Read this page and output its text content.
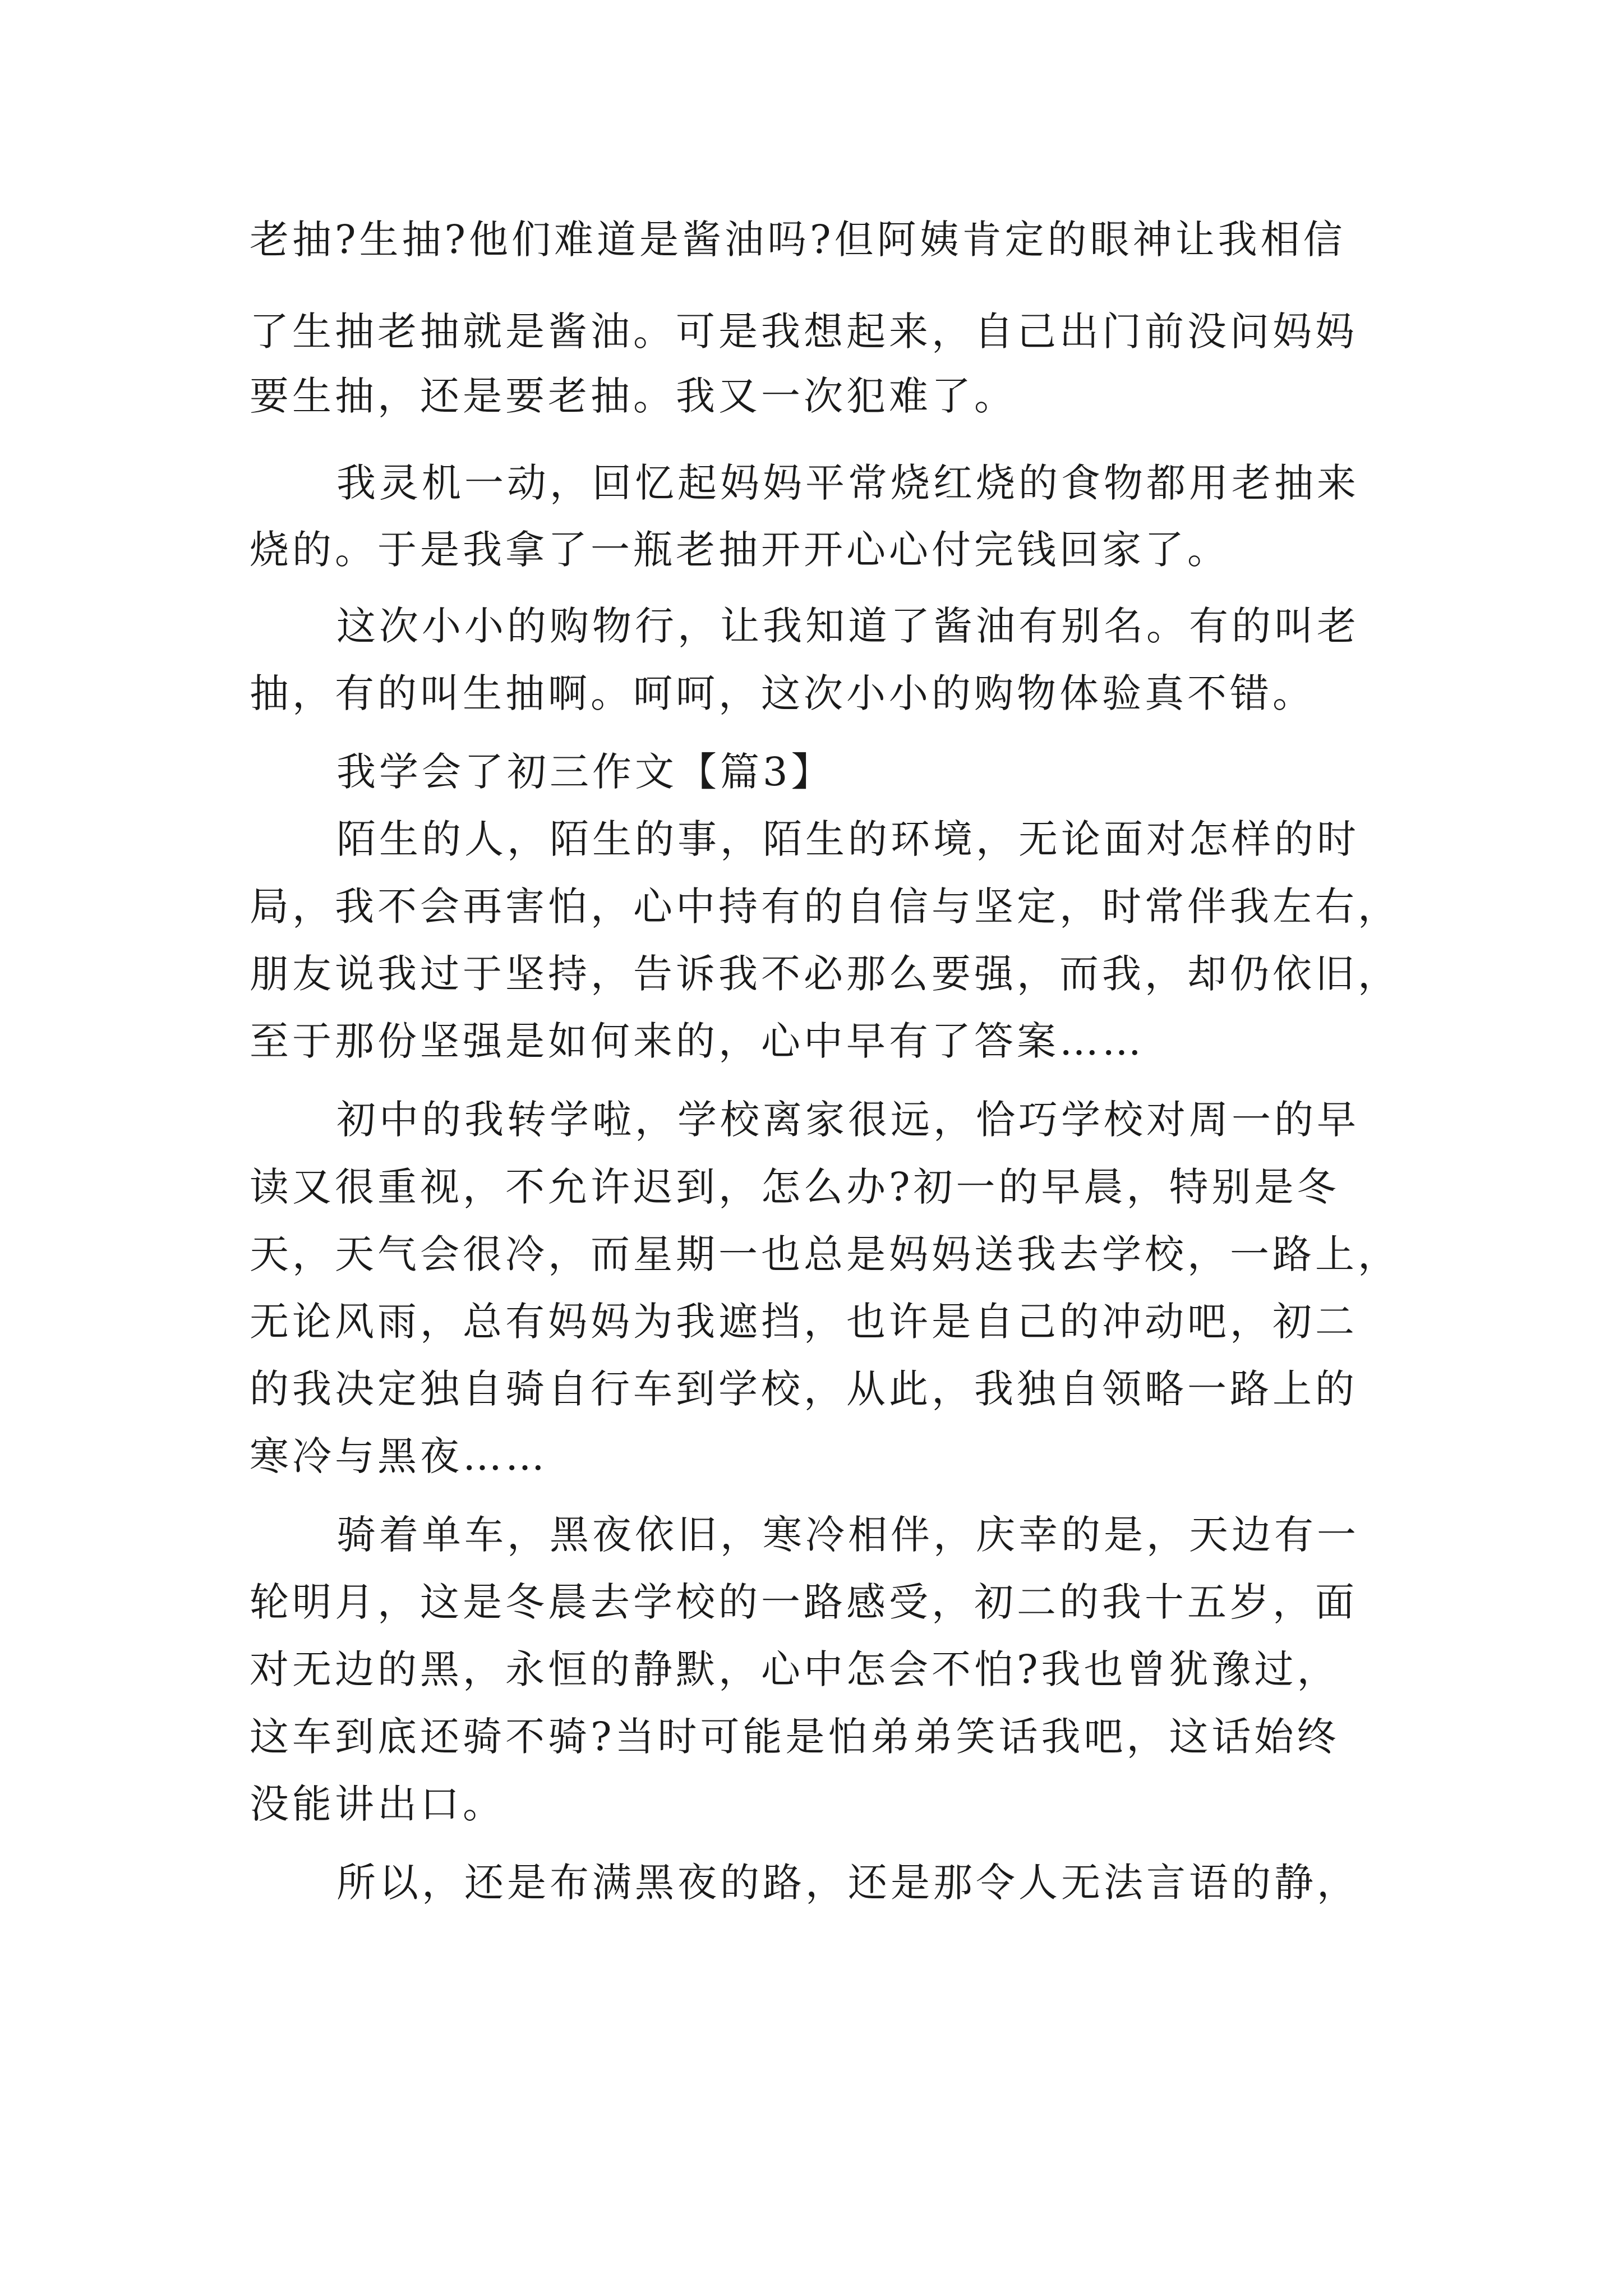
老抽?生抽?他们难道是酱油吗?但阿姨肯定的眼神让我相信
了生抽老抽就是酱油。可是我想起来，自己出门前没问妈妈
要生抽，还是要老抽。我又一次犯难了。
我灵机一动，回忆起妈妈平常烧红烧的食物都用老抽来
烧的。于是我拿了一瓶老抽开开心心付完钱回家了。
这次小小的购物行，让我知道了酱油有别名。有的叫老
抽，有的叫生抽啊。呵呵，这次小小的购物体验真不错。
我学会了初三作文【篇3】
陌生的人，陌生的事，陌生的环境，无论面对怎样的时
局，我不会再害怕，心中持有的自信与坚定，时常伴我左右，
朋友说我过于坚持，告诉我不必那么要强，而我，却仍依旧，
至于那份坚强是如何来的，心中早有了答案……
初中的我转学啦，学校离家很远，恰巧学校对周一的早
读又很重视，不允许迟到，怎么办?初一的早晨，特别是冬
天，天气会很冷，而星期一也总是妈妈送我去学校，一路上，
无论风雨，总有妈妈为我遮挡，也许是自己的冲动吧，初二
的我决定独自骑自行车到学校，从此，我独自领略一路上的
寒冷与黑夜……
骑着单车，黑夜依旧，寒冷相伴，庆幸的是，天边有一
轮明月，这是冬晨去学校的一路感受，初二的我十五岁，面
对无边的黑，永恒的静默，心中怎会不怕?我也曾犹豫过，
这车到底还骑不骑?当时可能是怕弟弟笑话我吧，这话始终
没能讲出口。
所以，还是布满黑夜的路，还是那令人无法言语的静，
